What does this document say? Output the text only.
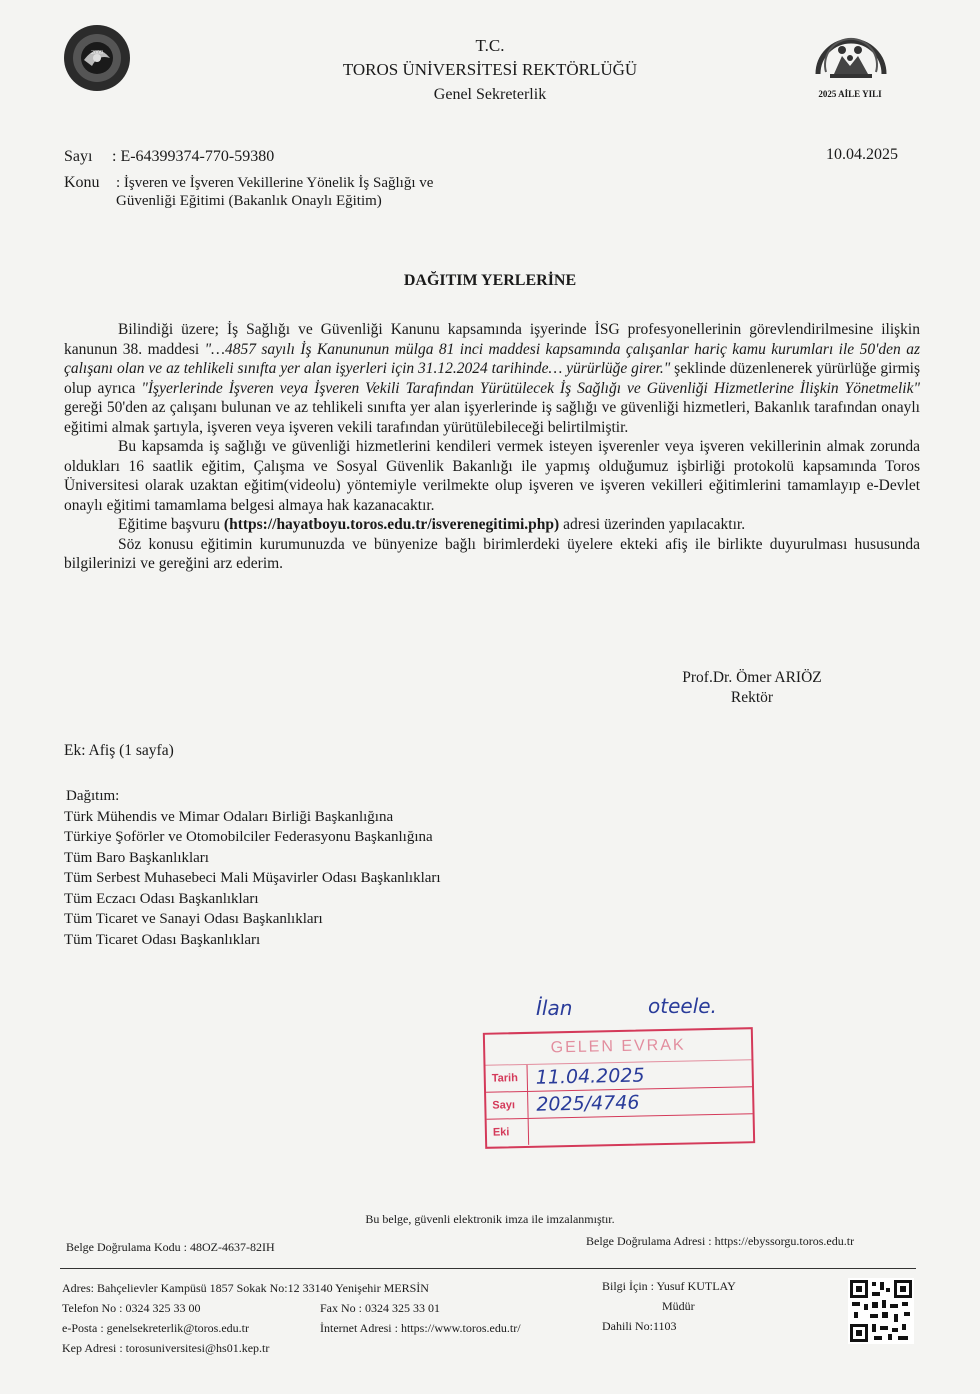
2009	T.C.
TOROS ÜNİVERSİTESİ REKTÖRLÜĞÜ
Genel Sekreterlik	2025 AİLE YILI
Sayı : E-64399374-770-59380
Konu : İşveren ve İşveren Vekillerine Yönelik İş Sağlığı ve Güvenliği Eğitimi (Bakanlık Onaylı Eğitim)
10.04.2025
DAĞITIM YERLERİNE

Bilindiği üzere; İş Sağlığı ve Güvenliği Kanunu kapsamında işyerinde İSG profesyonellerinin görevlendirilmesine ilişkin kanunun 38. maddesi "…4857 sayılı İş Kanununun mülga 81 inci maddesi kapsamında çalışanlar hariç kamu kurumları ile 50'den az çalışanı olan ve az tehlikeli sınıfta yer alan işyerleri için 31.12.2024 tarihinde… yürürlüğe girer." şeklinde düzenlenerek yürürlüğe girmiş olup ayrıca "İşyerlerinde İşveren veya İşveren Vekili Tarafından Yürütülecek İş Sağlığı ve Güvenliği Hizmetlerine İlişkin Yönetmelik" gereği 50'den az çalışanı bulunan ve az tehlikeli sınıfta yer alan işyerlerinde iş sağlığı ve güvenliği hizmetleri, Bakanlık tarafından onaylı eğitimi almak şartıyla, işveren veya işveren vekili tarafından yürütülebileceği belirtilmiştir.

Bu kapsamda iş sağlığı ve güvenliği hizmetlerini kendileri vermek isteyen işverenler veya işveren vekillerinin almak zorunda oldukları 16 saatlik eğitim, Çalışma ve Sosyal Güvenlik Bakanlığı ile yapmış olduğumuz işbirliği protokolü kapsamında Toros Üniversitesi olarak uzaktan eğitim(videolu) yöntemiyle verilmekte olup işveren ve işveren vekilleri eğitimlerini tamamlayıp e-Devlet onaylı eğitimi tamamlama belgesi almaya hak kazanacaktır.

Eğitime başvuru (https://hayatboyu.toros.edu.tr/isverenegitimi.php) adresi üzerinden yapılacaktır.

Söz konusu eğitimin kurumunuzda ve bünyenize bağlı birimlerdeki üyelere ekteki afiş ile birlikte duyurulması hususunda bilgilerinizi ve gereğini arz ederim.

Prof.Dr. Ömer ARIÖZ
Rektör
Ek: Afiş (1 sayfa)
Dağıtım:
Türk Mühendis ve Mimar Odaları Birliği Başkanlığına
Türkiye Şoförler ve Otomobilciler Federasyonu Başkanlığına
Tüm Baro Başkanlıkları
Tüm Serbest Muhasebeci Mali Müşavirler Odası Başkanlıkları
Tüm Eczacı Odası Başkanlıkları
Tüm Ticaret ve Sanayi Odası Başkanlıkları
Tüm Ticaret Odası Başkanlıkları
İlan	oteele.
GELEN EVRAK
Tarih 11.04.2025
Sayı	2025/4746
Eki
Bu belge, güvenli elektronik imza ile imzalanmıştır.
Belge Doğrulama Kodu : 48OZ-4637-82IH	Belge Doğrulama Adresi : https://ebyssorgu.toros.edu.tr
Adres: Bahçelievler Kampüsü 1857 Sokak No:12 33140 Yenişehir MERSİN
Telefon No : 0324 325 33 00
e-Posta : genelsekreterlik@toros.edu.tr
Kep Adresi : torosuniversitesi@hs01.kep.tr
Fax No : 0324 325 33 01
İnternet Adresi : https://www.toros.edu.tr/
Bilgi İçin : Yusuf KUTLAY
Müdür
Dahili No:1103
